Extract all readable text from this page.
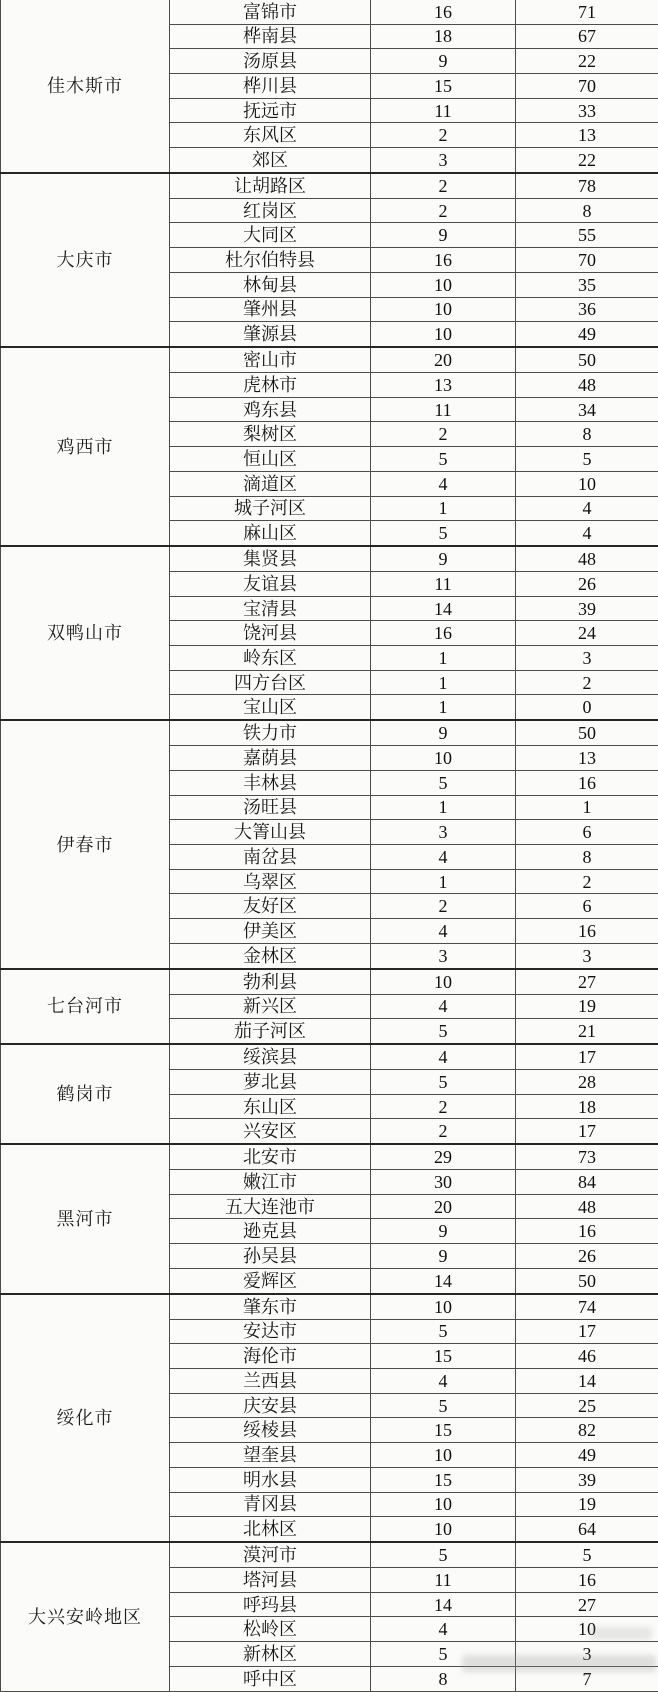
佳木斯市	富锦市	16	71
	桦南县	18	67
	汤原县	9	22
	桦川县	15	70
	抚远市	11	33
	东风区	2	13
	郊区	3	22
大庆市	让胡路区	2	78
	红岗区	2	8
	大同区	9	55
	杜尔伯特县	16	70
	林甸县	10	35
	肇州县	10	36
	肇源县	10	49
鸡西市	密山市	20	50
	虎林市	13	48
	鸡东县	11	34
	梨树区	2	8
	恒山区	5	5
	滴道区	4	10
	城子河区	1	4
	麻山区	5	4
双鸭山市	集贤县	9	48
	友谊县	11	26
	宝清县	14	39
	饶河县	16	24
	岭东区	1	3
	四方台区	1	2
	宝山区	1	0
伊春市	铁力市	9	50
	嘉荫县	10	13
	丰林县	5	16
	汤旺县	1	1
	大箐山县	3	6
	南岔县	4	8
	乌翠区	1	2
	友好区	2	6
	伊美区	4	16
	金林区	3	3
七台河市	勃利县	10	27
	新兴区	4	19
	茄子河区	5	21
鹤岗市	绥滨县	4	17
	萝北县	5	28
	东山区	2	18
	兴安区	2	17
黑河市	北安市	29	73
	嫩江市	30	84
	五大连池市	20	48
	逊克县	9	16
	孙吴县	9	26
	爱辉区	14	50
绥化市	肇东市	10	74
	安达市	5	17
	海伦市	15	46
	兰西县	4	14
	庆安县	5	25
	绥棱县	15	82
	望奎县	10	49
	明水县	15	39
	青冈县	10	19
	北林区	10	64
大兴安岭地区	漠河市	5	5
	塔河县	11	16
	呼玛县	14	27
	松岭区	4	10
	新林区	5	3
	呼中区	8	7
